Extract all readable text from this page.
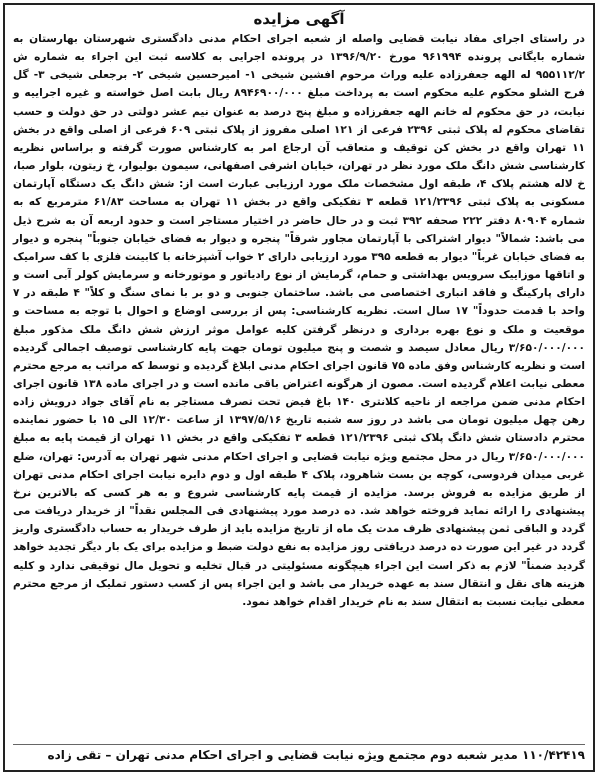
آگهی مزایده
در راستای اجرای مفاد نیابت قضایی واصله از شعبه اجرای احکام مدنی دادگستری شهرستان بهارستان به شماره بایگانی پرونده ۹۶۱۹۹۴ مورخ ۱۳۹۶/۹/۲۰ در پرونده اجرایی به کلاسه ثبت این اجراء به شماره ش ۹۵۵۱۱۲/۲ له الهه جعفرزاده علیه وراث مرحوم افشین شیخی ۱- امیرحسین شیخی ۲- برجعلی شیخی ۳- گل فرح الشلو محکوم علیه محکوم است به پرداخت مبلغ ۸۹۴۶۹۰۰/۰۰۰ ریال بابت اصل خواسته و غیره اجراییه و نیابت، در حق محکوم له خانم الهه جعفرزاده و مبلغ پنج درصد به عنوان نیم عشر دولتی در حق دولت و حسب تقاضای محکوم له پلاک ثبتی ۲۳۹۶ فرعی از ۱۲۱ اصلی مفروز از پلاک ثبتی ۶۰۹ فرعی از اصلی واقع در بخش ۱۱ تهران واقع در بخش کن توقیف و متعاقب آن ارجاع امر به کارشناس صورت گرفته و براساس نظریه کارشناسی شش دانگ ملک مورد نظر در تهران، خیابان اشرفی اصفهانی، سیمون بولیوار، خ زیتون، بلوار صبا، خ لاله هشتم پلاک ۴، طبقه اول مشخصات ملک مورد ارزیابی عبارت است از: شش دانگ یک دستگاه آپارتمان مسکونی به پلاک ثبتی ۱۲۱/۲۳۹۶ قطعه ۳ تفکیکی واقع در بخش ۱۱ تهران به مساحت ۶۱/۸۳ مترمربع که به شماره ۸۰۹۰۴ دفتر ۲۲۲ صحفه ۳۹۲ ثبت و در حال حاضر در اختیار مستاجر است و حدود اربعه آن به شرح ذیل می باشد: شمالاً" دیوار اشتراکی با آپارتمان مجاور شرقاً" پنجره و دیوار به فضای خیابان جنوباً" پنجره و دیوار به فضای خیابان غرباً" دیوار به قطعه ۳۹۵ مورد ارزیابی دارای ۲ خواب آشپزخانه با کابینت فلزی با کف سرامیک و اتاقها موزاییک سرویس بهداشتی و حمام، گرمایش از نوع رادیاتور و موتورخانه و سرمایش کولر آبی است و دارای پارکینگ و فاقد انباری اختصاصی می باشد. ساختمان جنوبی و دو بر با نمای سنگ و کلاً" ۴ طبقه در ۷ واحد با قدمت حدوداً" ۱۷ سال است. نظریه کارشناسی: پس از بررسی اوضاع و احوال با توجه به مساحت و موقعیت و ملک و نوع بهره برداری و درنظر گرفتن کلیه عوامل موثر ارزش شش دانگ ملک مذکور مبلغ ۳/۶۵۰/۰۰۰/۰۰۰ ریال معادل سیصد و شصت و پنج میلیون تومان جهت پایه کارشناسی توصیف اجمالی گردیده است و نظریه کارشناس وفق ماده ۷۵ قانون اجرای احکام مدنی ابلاغ گردیده و توسط که مراتب به مرجع محترم معطی نیابت اعلام گردیده است. مصون از هرگونه اعتراض باقی مانده است و در اجرای ماده ۱۳۸ قانون اجرای احکام مدنی ضمن مراجعه از ناحیه کلانتری ۱۴۰ باغ فیض تحت تصرف مستاجر به نام آقای جواد درویش زاده رهن چهل میلیون تومان می باشد در روز سه شنبه تاریخ ۱۳۹۷/۵/۱۶ از ساعت ۱۲/۳۰ الی ۱۵ با حضور نماینده محترم دادستان شش دانگ پلاک ثبتی ۱۲۱/۲۳۹۶ قطعه ۳ تفکیکی واقع در بخش ۱۱ تهران از قیمت پایه به مبلغ ۳/۶۵۰/۰۰۰/۰۰۰ ریال در محل مجتمع ویژه نیابت قضایی و اجرای احکام مدنی شهر تهران به آدرس: تهران، ضلع غربی میدان فردوسی، کوچه بن بست شاهرود، پلاک ۴ طبقه اول و دوم دایره نیابت اجرای احکام مدنی تهران از طریق مزایده به فروش برسد. مزایده از قیمت پایه کارشناسی شروع و به هر کسی که بالاترین نرخ پیشنهادی را ارائه نماید فروخته خواهد شد. ده درصد مورد پیشنهادی فی المجلس نقداً" از خریدار دریافت می گردد و الباقی ثمن پیشنهادی ظرف مدت یک ماه از تاریخ مزایده باید از طرف خریدار به حساب دادگستری واریز گردد در غیر این صورت ده درصد دریافتی روز مزایده به نفع دولت ضبط و مزایده برای یک بار دیگر تجدید خواهد گردید ضمناً" لازم به ذکر است این اجراء هیچگونه مسئولیتی در قبال تخلیه و تحویل مال توقیفی ندارد و کلیه هزینه های نقل و انتقال سند به عهده خریدار می باشد و این اجراء پس از کسب دستور تملیک از مرجع محترم معطی نیابت نسبت به انتقال سند به نام خریدار اقدام خواهد نمود.
۱۱۰/۴۲۴۱۹ مدیر شعبه دوم مجتمع ویژه نیابت قضایی و اجرای احکام مدنی تهران – تقی زاده
